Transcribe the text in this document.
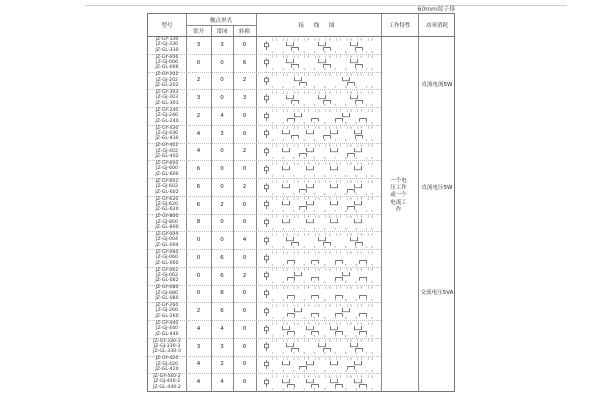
60mm端子排
型号
触点形式
常开	常闭	转换
接 线 图	工作特性	功率消耗
JZ-GY-330
JZ-GJ-330
JZ-GL-330
3	3	0
11 12 13 14 15 16 17 18 19 20
1 2 3 4 5 6 7 8 9 10
JZ-GY-006
JZ-GJ-006
JZ-GL-006
0	0	6
11 12 13 14 15 16 17 18 19 20
1 2 3 4 5 6 7 8 9 10
JZ-GY-202
JZ-GJ-202
JZ-GL-202
2	0	2
11 12 13 14 15 16 17 18 19 20
1 2 3 4 5 6 7 8 9 10
JZ-GY-303
JZ-GJ-303
JZ-GL-303
3	0	3
11 12 13 14 15 16 17 18 19 20
1 2 3 4 5 6 7 8 9 10
JZ-GY-240
JZ-GJ-240
JZ-GL-240
2	4	0
11 12 13 14 15 16 17 18 19 20
1 2 3 4 5 6 7 8 9 10
JZ-GY-430
JZ-GJ-430
JZ-GL-430
4	3	0
11 12 13 14 15 16 17 18 19 20
1 2 3 4 5 6 7 8 9 10
JZ-GY-402
JZ-GJ-402
JZ-GL-402
4	0	2
11 12 13 14 15 16 17 18 19 20
1 2 3 4 5 6 7 8 9 10
JZ-GY-600
JZ-GJ-600
JZ-GL-600
6	0	0
11 12 13 14 15 16 17 18 19 20
1 2 3 4 5 6 7 8 9 10
JZ-GY-602
JZ-GJ-602
JZ-GL-602
6	0	2
11 12 13 14 15 16 17 18 19 20
1 2 3 4 5 6 7 8 9 10
JZ-GY-620
JZ-GJ-620
JZ-GL-620
6	2	0
11 12 13 14 15 16 17 18 19 20
1 2 3 4 5 6 7 8 9 10
JZ-GY-800
JZ-GJ-800
JZ-GL-800
8	0	0
11 12 13 14 15 16 17 18 19 20
1 2 3 4 5 6 7 8 9 10
JZ-GY-004
JZ-GJ-004
JZ-GL-004
0	0	4
11 12 13 14 15 16 17 18 19 20
1 2 3 4 5 6 7 8 9 10
JZ-GY-060
JZ-GJ-060
JZ-GL-060
0	6	0
11 12 13 14 15 16 17 18 19 20
1 2 3 4 5 6 7 8 9 10
JZ-GY-062
JZ-GJ-062
JZ-GL-062
0	6	2
11 12 13 14 15 16 17 18 19 20
1 2 3 4 5 6 7 8 9 10
JZ-GY-080
JZ-GJ-080
JZ-GL-080
0	8	0
11 12 13 14 15 16 17 18 19 20
1 2 3 4 5 6 7 8 9 10
JZ-GY-260
JZ-GJ-260
JZ-GL-260
2	6	0
11 12 13 14 15 16 17 18 19 20
1 2 3 4 5 6 7 8 9 10
JZ-GY-440
JZ-GJ-440
JZ-GL-440
4	4	0
11 12 13 14 15 16 17 18 19 20
1 2 3 4 5 6 7 8 9 10
JZ-GY-330-3
JZ-GJ-330-3
JZ-GL-330-3
3	3	0
11 12 13 14 15 16 17 18 19 20
1 2 3 4 5 6 7 8 9 10
JZ-GY-420
JZ-GJ-420
JZ-GL-420
4	2	0
11 12 13 14 15 16 17 18 19 20
1 2 3 4 5 6 7 8 9 10
JZ-GY-440-2
JZ-GJ-440-2
JZ-GL-440-2
4	4	0
11 12 13 14 15 16 17 18 19 20
1 2 3 4 5 6 7 8 9 10
一个电压工作或一个电流工作
直流电流5W
直流电压5W
交流电压5VA
